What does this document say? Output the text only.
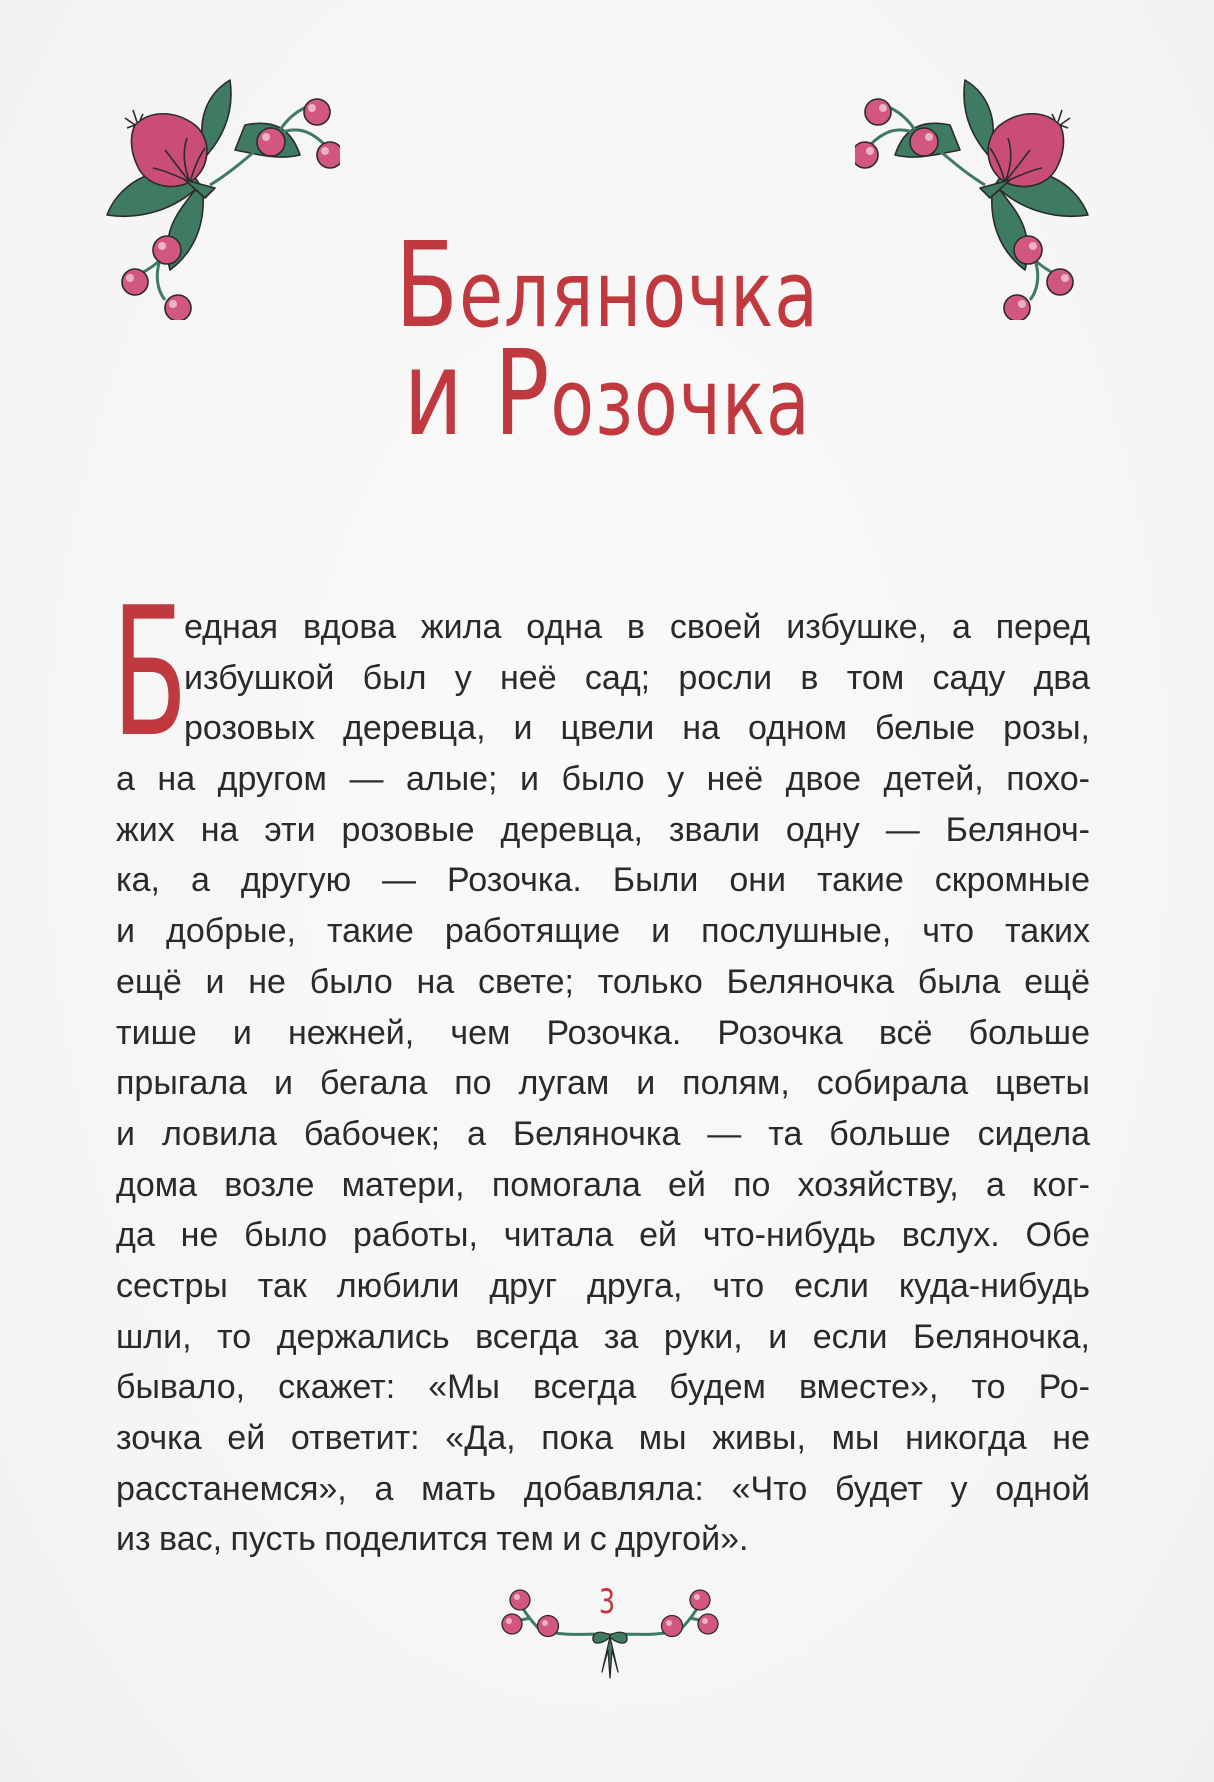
Беляночка
и Розочка
Б
едная вдова жила одна в своей избушке, а перед
избушкой был у неё сад; росли в том саду два
розовых деревца, и цвели на одном белые розы,
а на другом — алые; и было у неё двое детей, похо-
жих на эти розовые деревца, звали одну — Беляноч-
ка, а другую — Розочка. Были они такие скромные
и добрые, такие работящие и послушные, что таких
ещё и не было на свете; только Беляночка была ещё
тише и нежней, чем Розочка. Розочка всё больше
прыгала и бегала по лугам и полям, собирала цветы
и ловила бабочек; а Беляночка — та больше сидела
дома возле матери, помогала ей по хозяйству, а ког-
да не было работы, читала ей что-нибудь вслух. Обе
сестры так любили друг друга, что если куда-нибудь
шли, то держались всегда за руки, и если Беляночка,
бывало, скажет: «Мы всегда будем вместе», то Ро-
зочка ей ответит: «Да, пока мы живы, мы никогда не
расстанемся», а мать добавляла: «Что будет у одной
из вас, пусть поделится тем и с другой».
3
